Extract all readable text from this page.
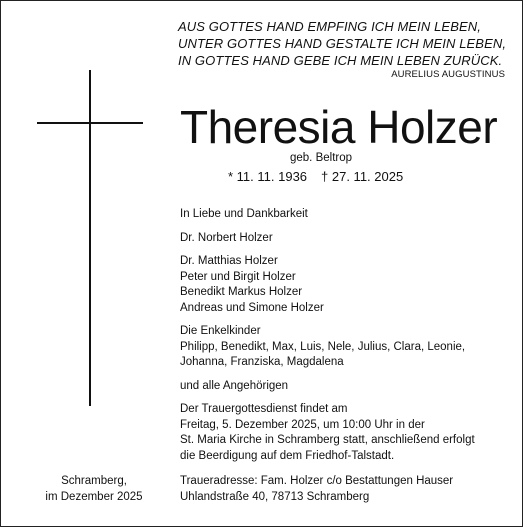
AUS GOTTES HAND EMPFING ICH MEIN LEBEN,
UNTER GOTTES HAND GESTALTE ICH MEIN LEBEN,
IN GOTTES HAND GEBE ICH MEIN LEBEN ZURÜCK.
AURELIUS AUGUSTINUS
Theresia Holzer
geb. Beltrop
* 11. 11. 1936 † 27. 11. 2025
In Liebe und Dankbarkeit
Dr. Norbert Holzer
Dr. Matthias Holzer
Peter und Birgit Holzer
Benedikt Markus Holzer
Andreas und Simone Holzer
Die Enkelkinder
Philipp, Benedikt, Max, Luis, Nele, Julius, Clara, Leonie,
Johanna, Franziska, Magdalena
und alle Angehörigen
Der Trauergottesdienst findet am
Freitag, 5. Dezember 2025, um 10:00 Uhr in der
St. Maria Kirche in Schramberg statt, anschließend erfolgt
die Beerdigung auf dem Friedhof-Talstadt.
Schramberg,
im Dezember 2025
Traueradresse: Fam. Holzer c/o Bestattungen Hauser
Uhlandstraße 40, 78713 Schramberg
